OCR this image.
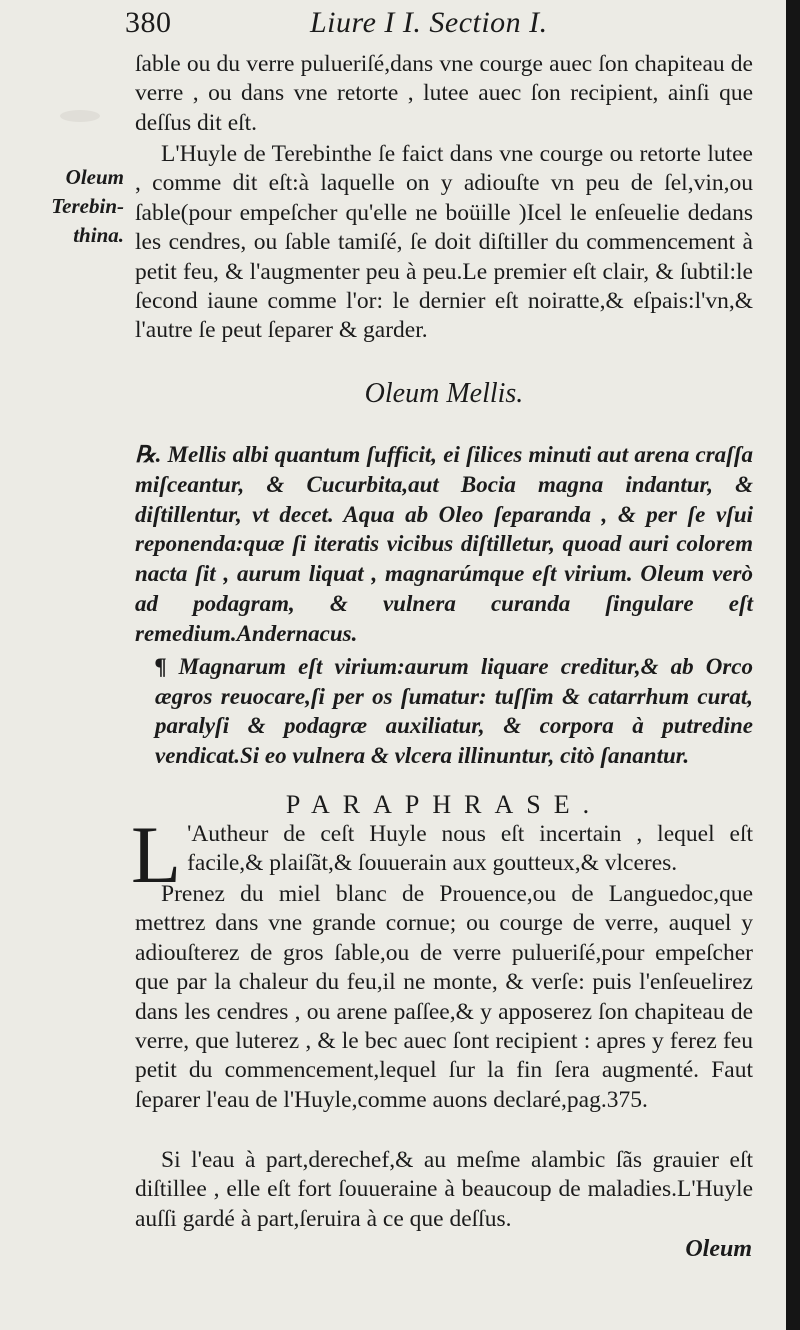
380	Liure I I. Section I.
Oleum
Terebin-
thina.

ſable ou du verre pulueriſé,dans vne courge auec ſon chapiteau de verre , ou dans vne retorte , lutee auec ſon recipient, ainſi que deſſus dit eſt.

L'Huyle de Terebinthe ſe faict dans vne courge ou retorte lutee , comme dit eſt:à laquelle on y adiouſte vn peu de ſel,vin,ou ſable(pour empeſcher qu'elle ne boüille )Icel le enſeuelie dedans les cendres, ou ſable tamiſé, ſe doit diſtiller du commencement à petit feu, & l'augmenter peu à peu.Le premier eſt clair, & ſubtil:le ſecond iaune comme l'or: le dernier eſt noiratte,& eſpais:l'vn,& l'autre ſe peut ſeparer & garder.

Oleum Mellis.

℞. Mellis albi quantum ſufficit, ei ſilices minuti aut arena craſſa miſceantur, & Cucurbita,aut Bocia magna indantur, & diſtillentur, vt decet. Aqua ab Oleo ſeparanda , & per ſe vſui reponenda:quæ ſi iteratis vicibus diſtilletur, quoad auri colorem nacta ſit , aurum liquat , magnarúmque eſt virium. Oleum verò ad podagram, & vulnera curanda ſingulare eſt remedium.Andernacus.

¶ Magnarum eſt virium:aurum liquare creditur,& ab Orco ægros reuocare,ſi per os ſumatur: tuſſim & catarrhum curat, paralyſi & podagræ auxiliatur, & corpora à putredine vendicat.Si eo vulnera & vlcera illinuntur, citò ſanantur.

PARAPHRASE.

L 'Autheur de ceſt Huyle nous eſt incertain , lequel eſt facile,& plaiſãt,& ſouuerain aux goutteux,& vlceres.

Prenez du miel blanc de Prouence,ou de Languedoc,que mettrez dans vne grande cornue; ou courge de verre, auquel y adiouſterez de gros ſable,ou de verre pulueriſé,pour empeſcher que par la chaleur du feu,il ne monte, & verſe: puis l'enſeuelirez dans les cendres , ou arene paſſee,& y apposerez ſon chapiteau de verre, que luterez , & le bec auec ſont recipient : apres y ferez feu petit du commencement,lequel ſur la fin ſera augmenté. Faut ſeparer l'eau de l'Huyle,comme auons declaré,pag.375.

Si l'eau à part,derechef,& au meſme alambic ſãs grauier eſt diſtillee , elle eſt fort ſouueraine à beaucoup de maladies.L'Huyle auſſi gardé à part,ſeruira à ce que deſſus.

Oleum
